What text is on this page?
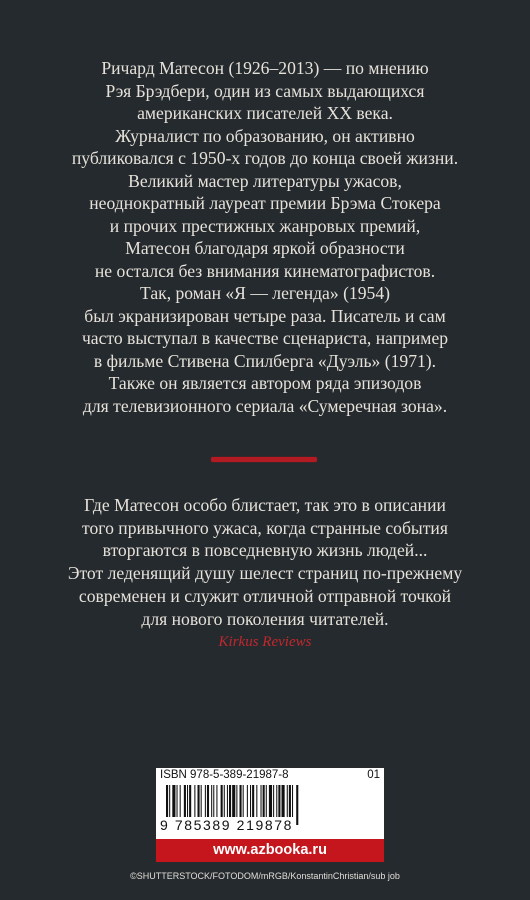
Ричард Матесон (1926–2013) — по мнению
Рэя Брэдбери, один из самых выдающихся
американских писателей XX века.
Журналист по образованию, он активно
публиковался с 1950-х годов до конца своей жизни.
Великий мастер литературы ужасов,
неоднократный лауреат премии Брэма Стокера
и прочих престижных жанровых премий,
Матесон благодаря яркой образности
не остался без внимания кинематографистов.
Так, роман «Я — легенда» (1954)
был экранизирован четыре раза. Писатель и сам
часто выступал в качестве сценариста, например
в фильме Стивена Спилберга «Дуэль» (1971).
Также он является автором ряда эпизодов
для телевизионного сериала «Сумеречная зона».
Где Матесон особо блистает, так это в описании
того привычного ужаса, когда странные события
вторгаются в повседневную жизнь людей...
Этот леденящий душу шелест страниц по-прежнему
современен и служит отличной отправной точкой
для нового поколения читателей.
Kirkus Reviews
ISBN 978-5-389-21987-8	01
9 785389 219878
www.azbooka.ru
©SHUTTERSTOCK/FOTODOM/mRGB/KonstantinChristian/sub job
